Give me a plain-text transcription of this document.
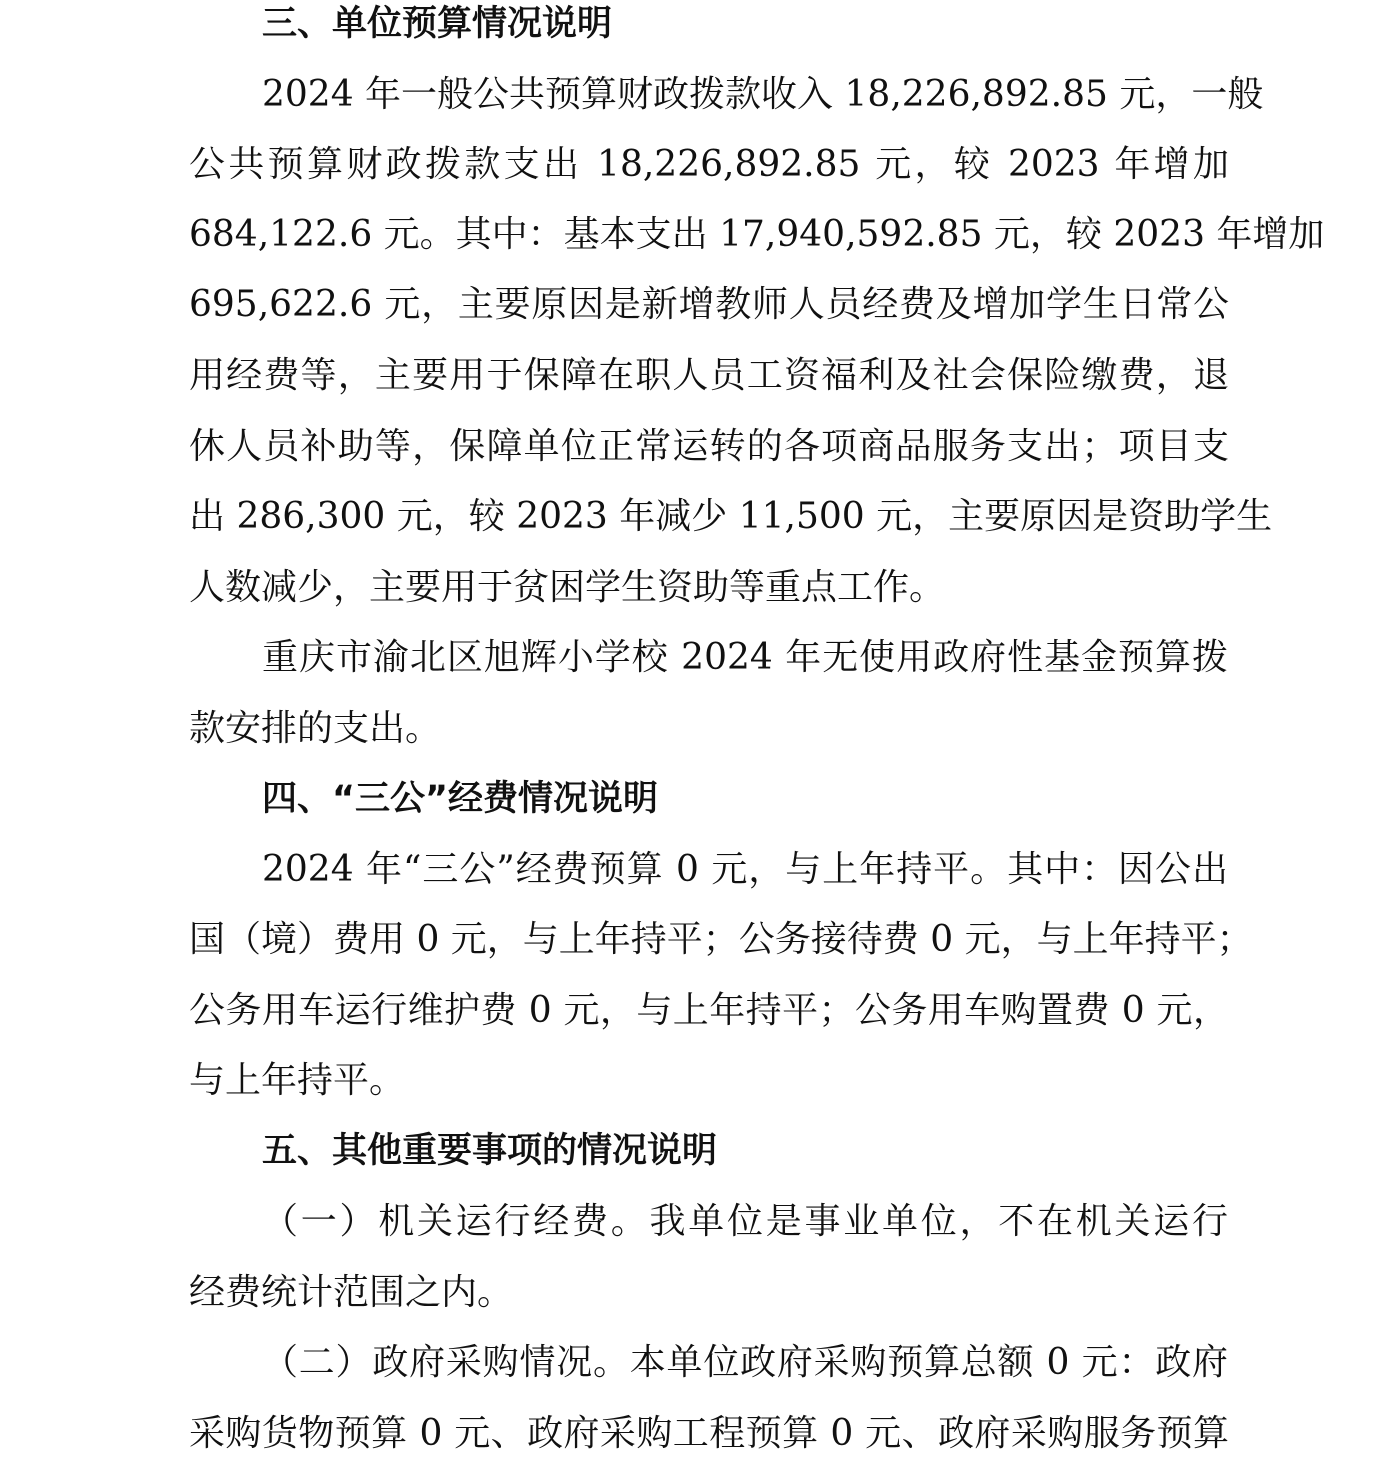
三、单位预算情况说明
2024 年一般公共预算财政拨款收入 18,226,892.85 元，一般
公共预算财政拨款支出 18,226,892.85 元，较 2023 年增加
684,122.6 元。其中：基本支出 17,940,592.85 元，较 2023 年增加
695,622.6 元，主要原因是新增教师人员经费及增加学生日常公
用经费等，主要用于保障在职人员工资福利及社会保险缴费，退
休人员补助等，保障单位正常运转的各项商品服务支出；项目支
出 286,300 元，较 2023 年减少 11,500 元，主要原因是资助学生
人数减少，主要用于贫困学生资助等重点工作。
重庆市渝北区旭辉小学校 2024 年无使用政府性基金预算拨
款安排的支出。
四、“三公”经费情况说明
2024 年“三公”经费预算 0 元，与上年持平。其中：因公出
国（境）费用 0 元，与上年持平；公务接待费 0 元，与上年持平；
公务用车运行维护费 0 元，与上年持平；公务用车购置费 0 元，
与上年持平。
五、其他重要事项的情况说明
（一）机关运行经费。我单位是事业单位，不在机关运行
经费统计范围之内。
（二）政府采购情况。本单位政府采购预算总额 0 元：政府
采购货物预算 0 元、政府采购工程预算 0 元、政府采购服务预算
